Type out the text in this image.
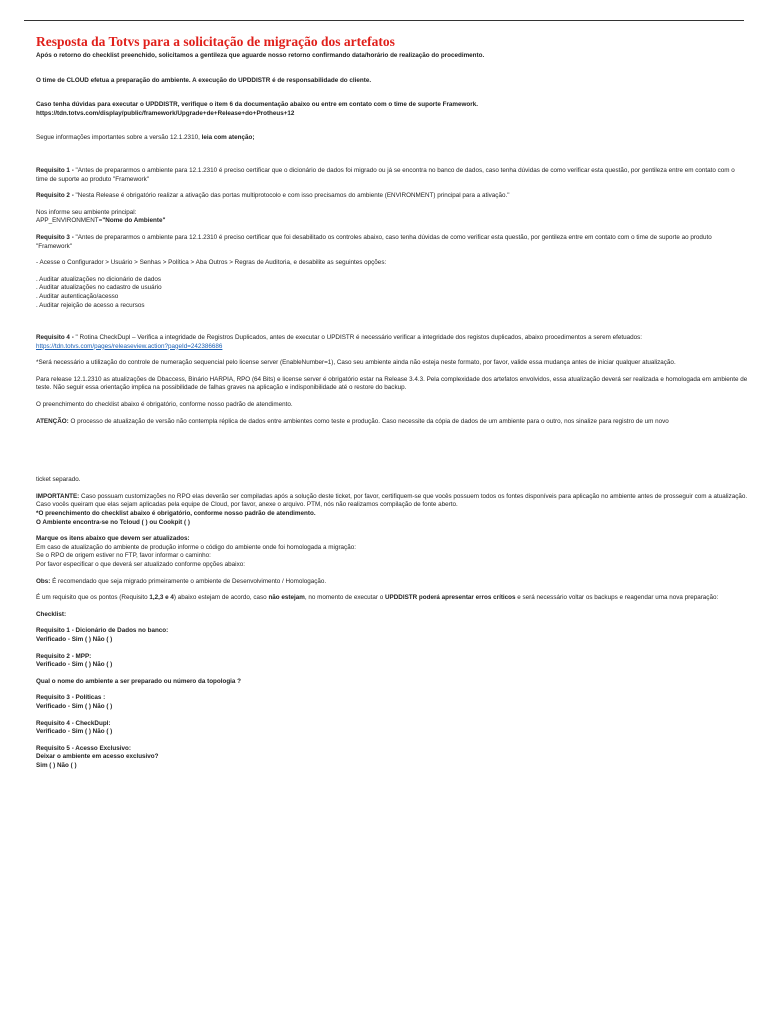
Resposta da Totvs para a solicitação de migração dos artefatos

Após o retorno do checklist preenchido, solicitamos a gentileza que aguarde nosso retorno confirmando data/horário de realização do procedimento.

O time de CLOUD efetua a preparação do ambiente. A execução do UPDDISTR é de responsabilidade do cliente.

Caso tenha dúvidas para executar o UPDDISTR, verifique o item 6 da documentação abaixo ou entre em contato com o time de suporte Framework.

https://tdn.totvs.com/display/public/framework/Upgrade+de+Release+do+Protheus+12

Segue informações importantes sobre a versão 12.1.2310, leia com atenção;

Requisito 1 - "Antes de prepararmos o ambiente para 12.1.2310 é preciso certificar que o dicionário de dados foi migrado ou já se encontra no banco de dados, caso tenha dúvidas de como verificar esta questão, por gentileza entre em contato com o time de suporte ao produto "Framework"

Requisito 2 - "Nesta Release é obrigatório realizar a ativação das portas multiprotocolo e com isso precisamos do ambiente (ENVIRONMENT) principal para a ativação."

Nos informe seu ambiente principal:

APP_ENVIRONMENT="Nome do Ambiente"

Requisito 3 - "Antes de prepararmos o ambiente para 12.1.2310 é preciso certificar que foi desabilitado os controles abaixo, caso tenha dúvidas de como verificar esta questão, por gentileza entre em contato com o time de suporte ao produto "Framework"

- Acesse o Configurador > Usuário > Senhas > Política > Aba Outros > Regras de Auditoria, e desabilite as seguintes opções:

. Auditar atualizações no dicionário de dados

. Auditar atualizações no cadastro de usuário

. Auditar autenticação/acesso

. Auditar rejeição de acesso a recursos

Requisito 4 - " Rotina CheckDupl – Verifica a integridade de Registros Duplicados, antes de executar o UPDISTR é necessário verificar a integridade dos registos duplicados, abaixo procedimentos a serem efetuados:

https://tdn.totvs.com/pages/releaseview.action?pageId=242386686

*Será necessário a utilização do controle de numeração sequencial pelo license server (EnableNumber=1), Caso seu ambiente ainda não esteja neste formato, por favor, valide essa mudança antes de iniciar qualquer atualização.

Para release 12.1.2310 as atualizações de Dbaccess, Binário HARPIA, RPO (64 Bits) e license server é obrigatório estar na Release 3.4.3. Pela complexidade dos artefatos envolvidos, essa atualização deverá ser realizada e homologada em ambiente de teste. Não seguir essa orientação implica na possibilidade de falhas graves na aplicação e indisponibilidade até o restore do backup.

O preenchimento do checklist abaixo é obrigatório, conforme nosso padrão de atendimento.

ATENÇÃO: O processo de atualização de versão não contempla réplica de dados entre ambientes como teste e produção. Caso necessite da cópia de dados de um ambiente para o outro, nos sinalize para registro de um novo

ticket separado.

IMPORTANTE: Caso possuam customizações no RPO elas deverão ser compiladas após a solução deste ticket, por favor, certifiquem-se que vocês possuem todos os fontes disponíveis para aplicação no ambiente antes de prosseguir com a atualização. Caso vocês queiram que elas sejam aplicadas pela equipe de Cloud, por favor, anexe o arquivo. PTM, nós não realizamos compilação de fonte aberto.

*O preenchimento do checklist abaixo é obrigatório, conforme nosso padrão de atendimento.

O Ambiente encontra-se no Tcloud ( ) ou Cookpit ( )

Marque os itens abaixo que devem ser atualizados:

Em caso de atualização do ambiente de produção informe o código do ambiente onde foi homologada a migração:

Se o RPO de origem estiver no FTP, favor informar o caminho:

Por favor especificar o que deverá ser atualizado conforme opções abaixo:

Obs: É recomendado que seja migrado primeiramente o ambiente de Desenvolvimento / Homologação.

É um requisito que os pontos (Requisito 1,2,3 e 4) abaixo estejam de acordo, caso não estejam, no momento de executar o UPDDISTR poderá apresentar erros críticos e será necessário voltar os backups e reagendar uma nova preparação:

Checklist:

Requisito 1 - Dicionário de Dados no banco:

Verificado - Sim ( ) Não ( )

Requisito 2 - MPP:

Verificado - Sim ( ) Não ( )

Qual o nome do ambiente a ser preparado ou número da topologia ?

Requisito 3 - Políticas :

Verificado - Sim ( ) Não ( )

Requisito 4 - CheckDupl:

Verificado - Sim ( ) Não ( )

Requisito 5 - Acesso Exclusivo:

Deixar o ambiente em acesso exclusivo?

Sim ( ) Não ( )
